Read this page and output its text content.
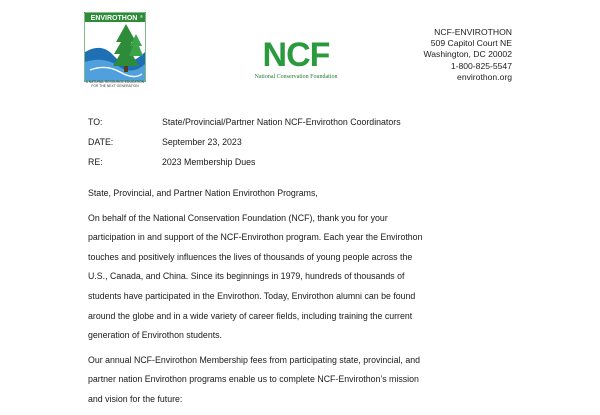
ENVIROTHON ®
A NATURAL RESOURCE EDUCATION FOR THE NEXT GENERATION
NCF
National Conservation Foundation
NCF-ENVIROTHON
509 Capitol Court NE
Washington, DC 20002
1-800-825-5547
envirothon.org
TO:	State/Provincial/Partner Nation NCF-Envirothon Coordinators
DATE:	September 23, 2023
RE:	2023 Membership Dues

State, Provincial, and Partner Nation Envirothon Programs,

On behalf of the National Conservation Foundation (NCF), thank you for your
participation in and support of the NCF-Envirothon program. Each year the Envirothon
touches and positively influences the lives of thousands of young people across the
U.S., Canada, and China. Since its beginnings in 1979, hundreds of thousands of
students have participated in the Envirothon. Today, Envirothon alumni can be found
around the globe and in a wide variety of career fields, including training the current
generation of Envirothon students.

Our annual NCF-Envirothon Membership fees from participating state, provincial, and
partner nation Envirothon programs enable us to complete NCF-Envirothon’s mission
and vision for the future:
